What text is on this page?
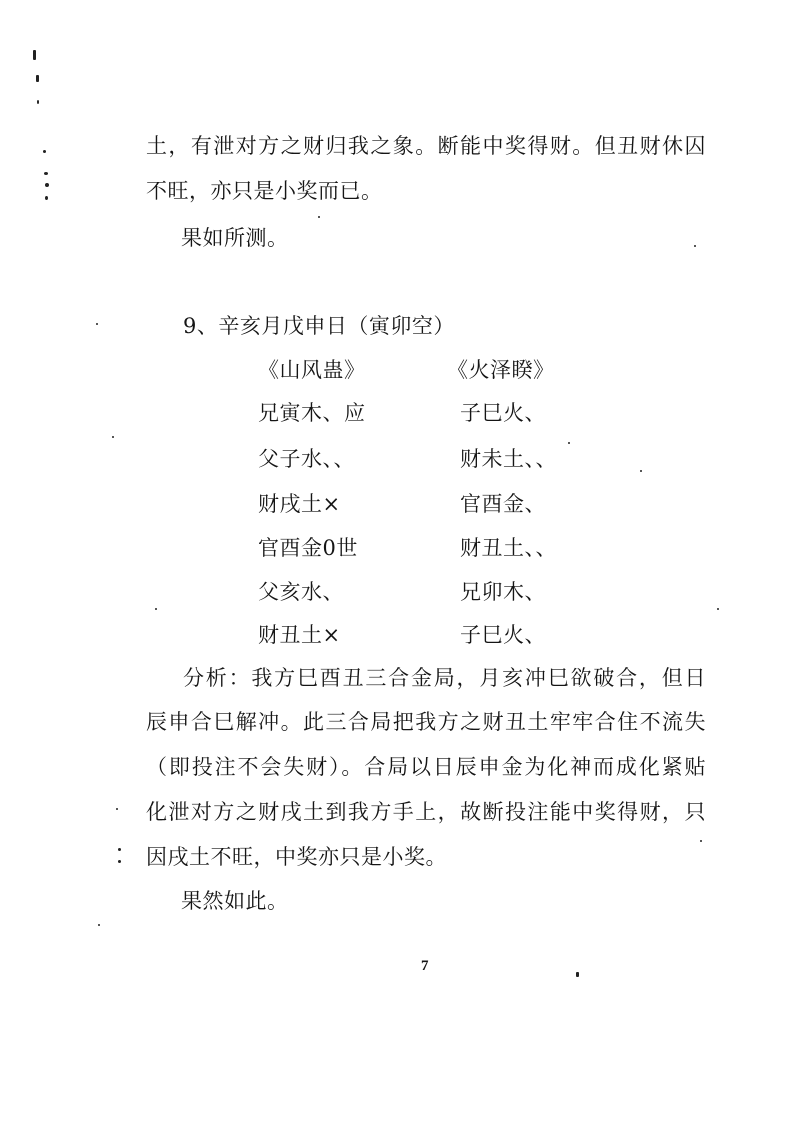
土，有泄对方之财归我之象。断能中奖得财。但丑财休囚
不旺，亦只是小奖而已。
果如所测。
9、辛亥月戊申日（寅卯空）
《山风蛊》	《火泽睽》
兄寅木、应
父子水、、
财戌土×
官酉金0世
父亥水、
财丑土×
子巳火、
财未土、、
官酉金、
财丑土、、
兄卯木、
子巳火、
分析：我方巳酉丑三合金局，月亥冲巳欲破合，但日
辰申合巳解冲。此三合局把我方之财丑土牢牢合住不流失
（即投注不会失财）。合局以日辰申金为化神而成化紧贴
化泄对方之财戌土到我方手上，故断投注能中奖得财，只
因戌土不旺，中奖亦只是小奖。
果然如此。
7
